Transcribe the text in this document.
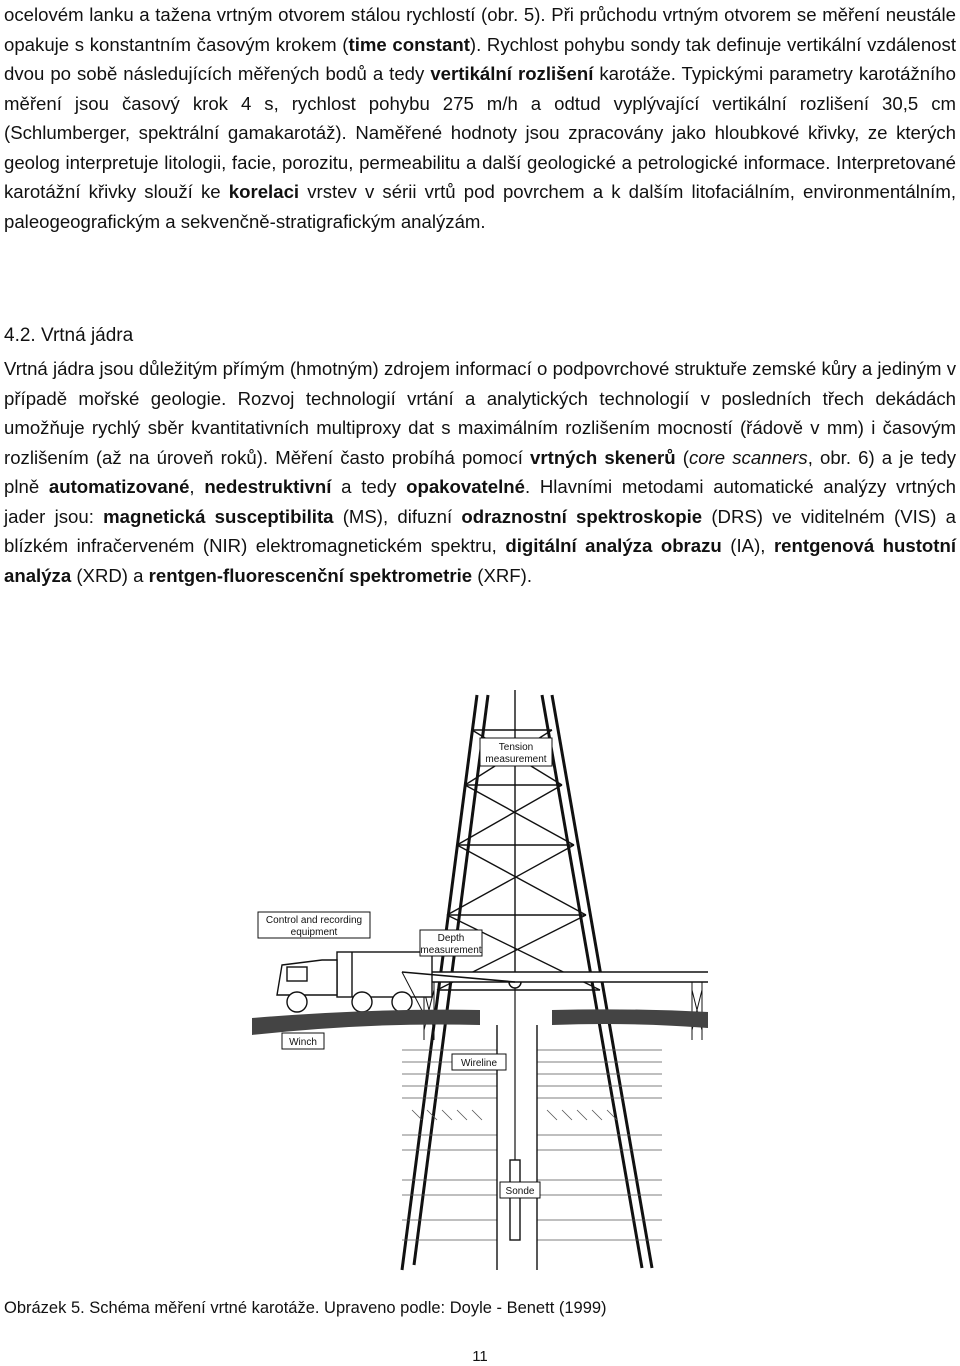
ocelovém lanku a tažena vrtným otvorem stálou rychlostí (obr. 5). Při průchodu vrtným otvorem se měření neustále opakuje s konstantním časovým krokem (time constant). Rychlost pohybu sondy tak definuje vertikální vzdálenost dvou po sobě následujících měřených bodů a tedy vertikální rozlišení karotáže. Typickými parametry karotážního měření jsou časový krok 4 s, rychlost pohybu 275 m/h a odtud vyplývající vertikální rozlišení 30,5 cm (Schlumberger, spektrální gamakarotáž). Naměřené hodnoty jsou zpracovány jako hloubkové křivky, ze kterých geolog interpretuje litologii, facie, porozitu, permeabilitu a další geologické a petrologické informace. Interpretované karotážní křivky slouží ke korelaci vrstev v sérii vrtů pod povrchem a k dalším litofaciálním, environmentálním, paleogeografickým a sekvenčně-stratigrafickým analýzám.

4.2. Vrtná jádra

Vrtná jádra jsou důležitým přímým (hmotným) zdrojem informací o podpovrchové struktuře zemské kůry a jediným v případě mořské geologie. Rozvoj technologií vrtání a analytických technologií v posledních třech dekádách umožňuje rychlý sběr kvantitativních multiproxy dat s maximálním rozlišením mocností (řádově v mm) i časovým rozlišením (až na úroveň roků). Měření často probíhá pomocí vrtných skenerů (core scanners, obr. 6) a je tedy plně automatizované, nedestruktivní a tedy opakovatelné. Hlavními metodami automatické analýzy vrtných jader jsou: magnetická susceptibilita (MS), difuzní odraznostní spektroskopie (DRS) ve viditelném (VIS) a blízkém infračerveném (NIR) elektromagnetickém spektru, digitální analýza obrazu (IA), rentgenová hustotní analýza (XRD) a rentgen-fluorescenční spektrometrie (XRF).

Tension
measurement
Control and recording
equipment
Depth
measurement
Winch
Wireline
Sonde
Obrázek 5. Schéma měření vrtné karotáže. Upraveno podle: Doyle - Benett (1999)
11
